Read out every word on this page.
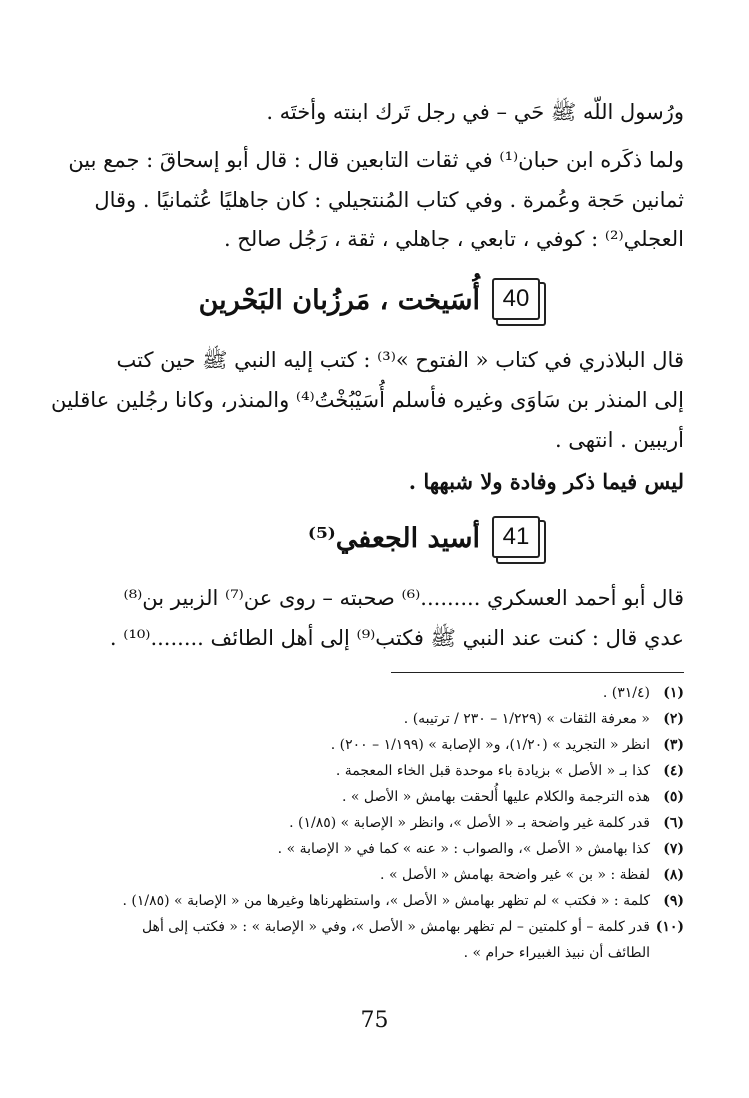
ورُسول اللّه ﷺ حَي – في رجل تَرك ابنته وأختَه .
ولما ذكَره ابن حبان⁽¹⁾ في ثقات التابعين قال : قال أبو إسحاقَ : جمع بين
ثمانين حَجة وعُمرة . وفي كتاب المُنتجيلي : كان جاهليًا عُثمانيًا . وقال
العجلي⁽²⁾ : كوفي ، تابعي ، جاهلي ، ثقة ، رَجُل صالح .
40
أُسَيخت ، مَرزُبان البَحْرين
قال البلاذري في كتاب « الفتوح »⁽³⁾ : كتب إليه النبي ﷺ حين كتب
إلى المنذر بن سَاوَى وغيره فأسلم أُسَيْبُخْتُ⁽⁴⁾ والمنذر، وكانا رجُلين عاقلين
أريبين . انتهى .
ليس فيما ذكر وفادة ولا شبهها .
41
أسيد الجعفي⁽⁵⁾
قال أبو أحمد العسكري .........⁽⁶⁾ صحبته – روى عن⁽⁷⁾ الزبير بن⁽⁸⁾
عدي قال : كنت عند النبي ﷺ فكتب⁽⁹⁾ إلى أهل الطائف ........⁽¹⁰⁾ .
(١)
(٣١/٤) .
(٢)
« معرفة الثقات » (١/٢٢٩ – ٢٣٠ / ترتيبه) .
(٣)
انظر « التجريد » (١/٢٠)، و« الإصابة » (١/١٩٩ – ٢٠٠) .
(٤)
كذا بـ « الأصل » بزيادة باء موحدة قبل الخاء المعجمة .
(٥)
هذه الترجمة والكلام عليها أُلحقت بهامش « الأصل » .
(٦)
قدر كلمة غير واضحة بـ « الأصل »، وانظر « الإصابة » (١/٨٥) .
(٧)
كذا بهامش « الأصل »، والصواب : « عنه » كما في « الإصابة » .
(٨)
لفظة : « بن » غير واضحة بهامش « الأصل » .
(٩)
كلمة : « فكتب » لم تظهر بهامش « الأصل »، واستظهرناها وغيرها من « الإصابة » (١/٨٥) .
(١٠)
قدر كلمة – أو كلمتين – لم تظهر بهامش « الأصل »، وفي « الإصابة » : « فكتب إلى أهل
الطائف أن نبيذ الغبيراء حرام » .
75
